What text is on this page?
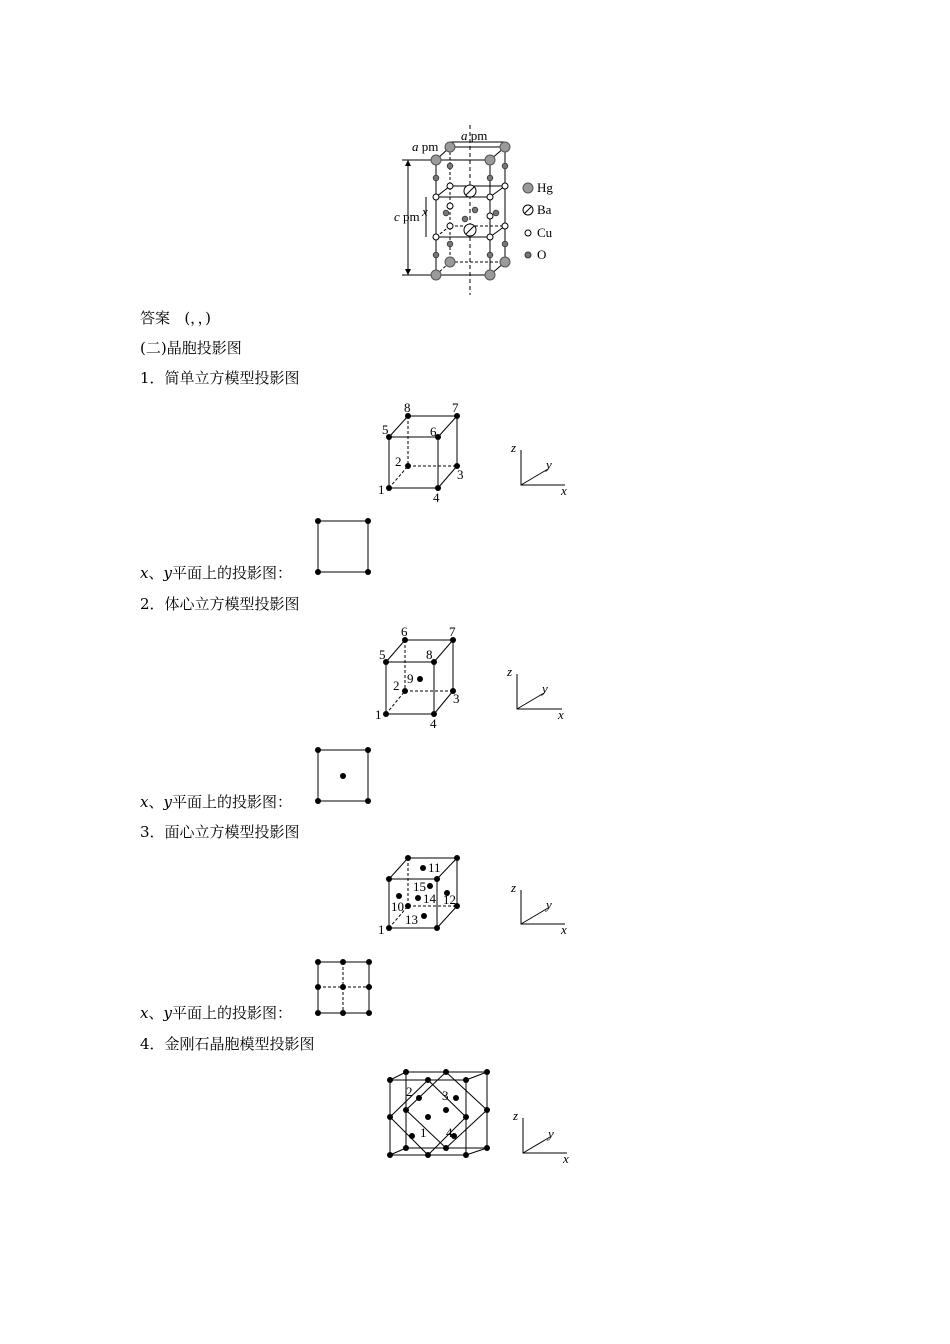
a pm
a pm
c pm x
Hg
Ba
Cu
O
答案 (，，)
(二)晶胞投影图
1．简单立方模型投影图
x、y平面上的投影图：
2．体心立方模型投影图
x、y平面上的投影图：
3．面心立方模型投影图
x、y平面上的投影图：
4．金刚石晶胞模型投影图
1
2
3
4
5	6
7
8
z
y
x
1
2
3
4
5
6	7
8
9	z
y
x
1
10
11
12
13
14
15	z
y
x
1
2 3
4
z
y
x
